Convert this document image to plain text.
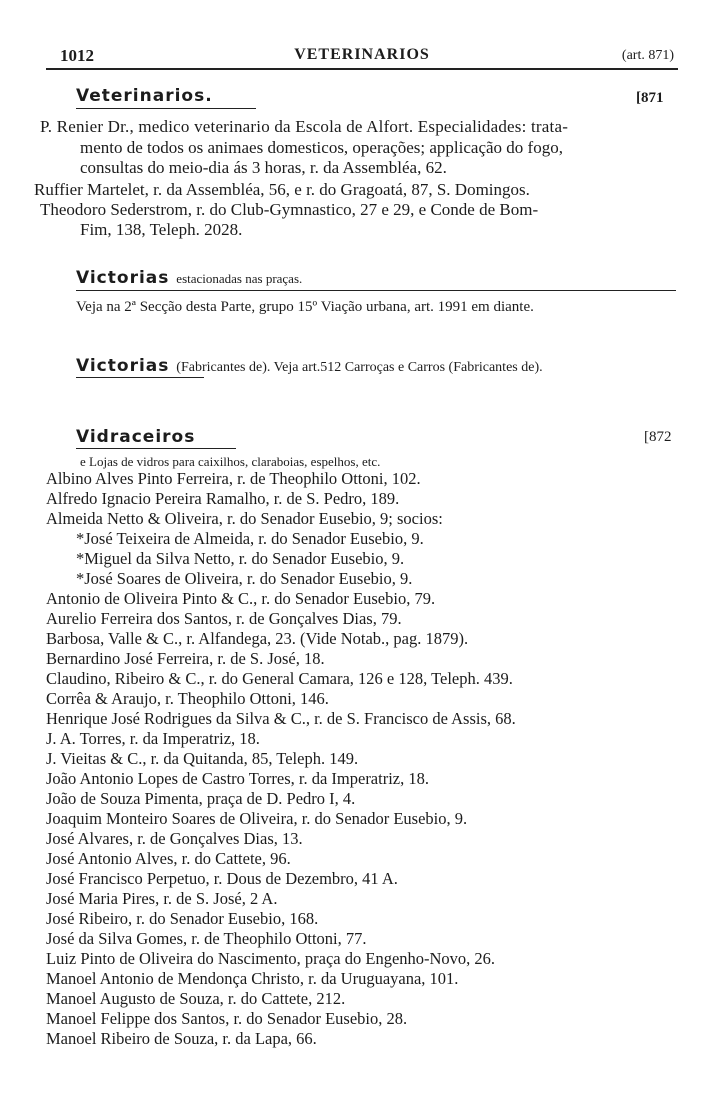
1012	VETERINARIOS	(art. 871)
Veterinarios.	[871
P. Renier Dr., medico veterinario da Escola de Alfort. Especialidades: trata-
mento de todos os animaes domesticos, operações; applicação do fogo,
consultas do meio-dia ás 3 horas, r. da Assembléa, 62.
Ruffier Martelet, r. da Assembléa, 56, e r. do Gragoatá, 87, S. Domingos.
Theodoro Sederstrom, r. do Club-Gymnastico, 27 e 29, e Conde de Bom-
Fim, 138, Teleph. 2028.
Victorias estacionadas nas praças.
Veja na 2ª Secção desta Parte, grupo 15º Viação urbana, art. 1991 em diante.
Victorias (Fabricantes de). Veja art.512 Carroças e Carros (Fabricantes de).
Vidraceiros	[872
e Lojas de vidros para caixilhos, claraboias, espelhos, etc.
Albino Alves Pinto Ferreira, r. de Theophilo Ottoni, 102.
Alfredo Ignacio Pereira Ramalho, r. de S. Pedro, 189.
Almeida Netto & Oliveira, r. do Senador Eusebio, 9; socios:
*José Teixeira de Almeida, r. do Senador Eusebio, 9.
*Miguel da Silva Netto, r. do Senador Eusebio, 9.
*José Soares de Oliveira, r. do Senador Eusebio, 9.
Antonio de Oliveira Pinto & C., r. do Senador Eusebio, 79.
Aurelio Ferreira dos Santos, r. de Gonçalves Dias, 79.
Barbosa, Valle & C., r. Alfandega, 23. (Vide Notab., pag. 1879).
Bernardino José Ferreira, r. de S. José, 18.
Claudino, Ribeiro & C., r. do General Camara, 126 e 128, Teleph. 439.
Corrêa & Araujo, r. Theophilo Ottoni, 146.
Henrique José Rodrigues da Silva & C., r. de S. Francisco de Assis, 68.
J. A. Torres, r. da Imperatriz, 18.
J. Vieitas & C., r. da Quitanda, 85, Teleph. 149.
João Antonio Lopes de Castro Torres, r. da Imperatriz, 18.
João de Souza Pimenta, praça de D. Pedro I, 4.
Joaquim Monteiro Soares de Oliveira, r. do Senador Eusebio, 9.
José Alvares, r. de Gonçalves Dias, 13.
José Antonio Alves, r. do Cattete, 96.
José Francisco Perpetuo, r. Dous de Dezembro, 41 A.
José Maria Pires, r. de S. José, 2 A.
José Ribeiro, r. do Senador Eusebio, 168.
José da Silva Gomes, r. de Theophilo Ottoni, 77.
Luiz Pinto de Oliveira do Nascimento, praça do Engenho-Novo, 26.
Manoel Antonio de Mendonça Christo, r. da Uruguayana, 101.
Manoel Augusto de Souza, r. do Cattete, 212.
Manoel Felippe dos Santos, r. do Senador Eusebio, 28.
Manoel Ribeiro de Souza, r. da Lapa, 66.
